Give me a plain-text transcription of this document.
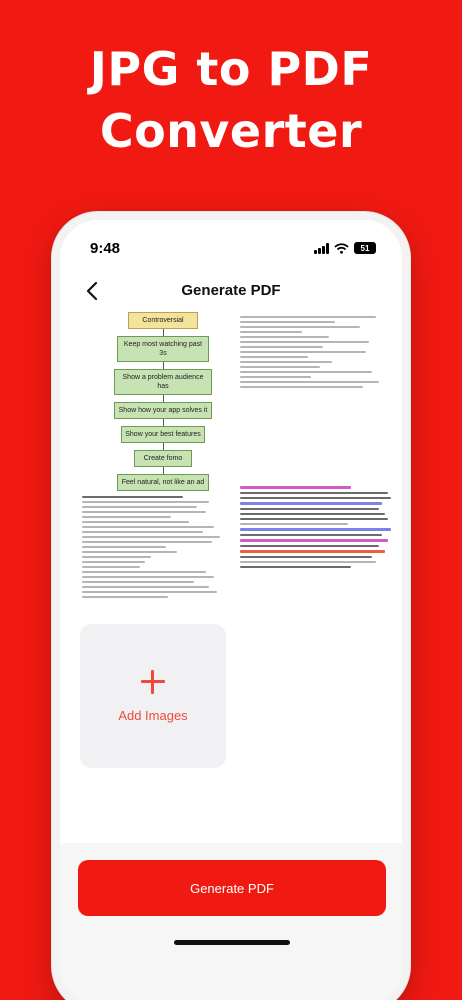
JPG to PDF
Converter
9:48	51
Generate PDF
Controversial
Keep most watching past 3s
Show a problem audience has
Show how your app solves it
Show your best features
Create fomo
Feel natural, not like an ad
Add Images
Generate PDF
